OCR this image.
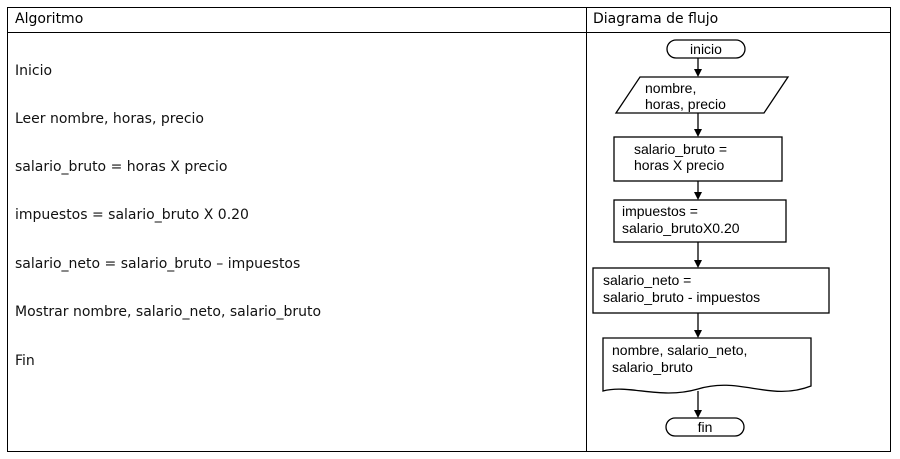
Algoritmo	Diagrama de flujo
Inicio
Leer nombre, horas, precio
salario_bruto = horas X precio
impuestos = salario_bruto X 0.20
salario_neto = salario_bruto – impuestos
Mostrar nombre, salario_neto, salario_bruto
Fin
inicio
nombre,
horas, precio
salario_bruto =
horas X precio
impuestos =
salario_brutoX0.20
salario_neto =
salario_bruto - impuestos
nombre, salario_neto,
salario_bruto
fin
